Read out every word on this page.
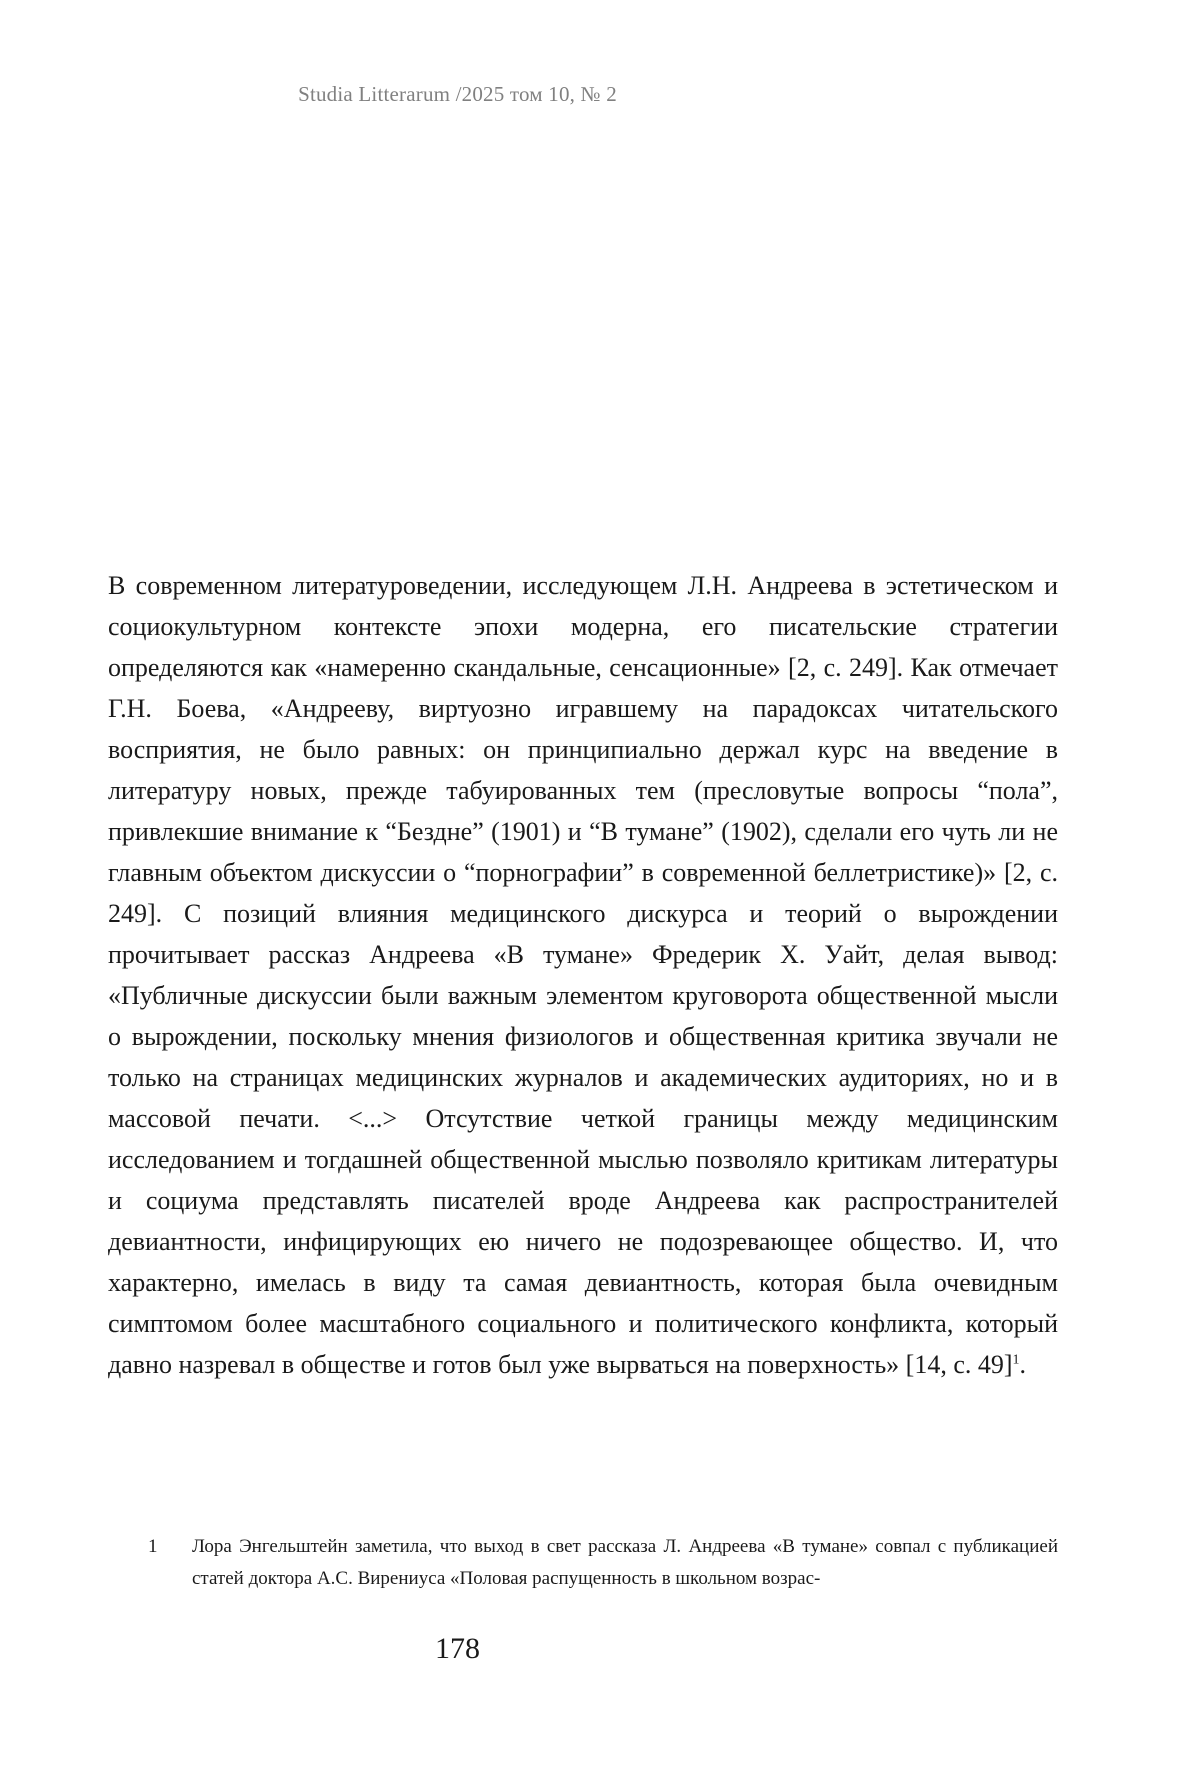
Studia Litterarum /2025 том 10, № 2

В современном литературоведении, исследующем Л.Н. Андреева в эстетическом и социокультурном контексте эпохи модерна, его писательские стратегии определяются как «намеренно скандальные, сенсационные» [2, с. 249]. Как отмечает Г.Н. Боева, «Андрееву, виртуозно игравшему на парадоксах читательского восприятия, не было равных: он принципиально держал курс на введение в литературу новых, прежде табуированных тем (пресловутые вопросы “пола”, привлекшие внимание к “Бездне” (1901) и “В тумане” (1902), сделали его чуть ли не главным объектом дискуссии о “порнографии” в современной беллетристике)» [2, с. 249]. С позиций влияния медицинского дискурса и теорий о вырождении прочитывает рассказ Андреева «В тумане» Фредерик Х. Уайт, делая вывод: «Публичные дискуссии были важным элементом круговорота общественной мысли о вырождении, поскольку мнения физиологов и общественная критика звучали не только на страницах медицинских журналов и академических аудиториях, но и в массовой печати. <...> Отсутствие четкой границы между медицинским исследованием и тогдашней общественной мыслью позволяло критикам литературы и социума представлять писателей вроде Андреева как распространителей девиантности, инфицирующих ею ничего не подозревающее общество. И, что характерно, имелась в виду та самая девиантность, которая была очевидным симптомом более масштабного социального и политического конфликта, который давно назревал в обществе и готов был уже вырваться на поверхность» [14, с. 49]$^1$.

1 Лора Энгельштейн заметила, что выход в свет рассказа Л. Андреева «В тумане» совпал с публикацией статей доктора А.С. Вирениуса «Половая распущенность в школьном возрас-
178
